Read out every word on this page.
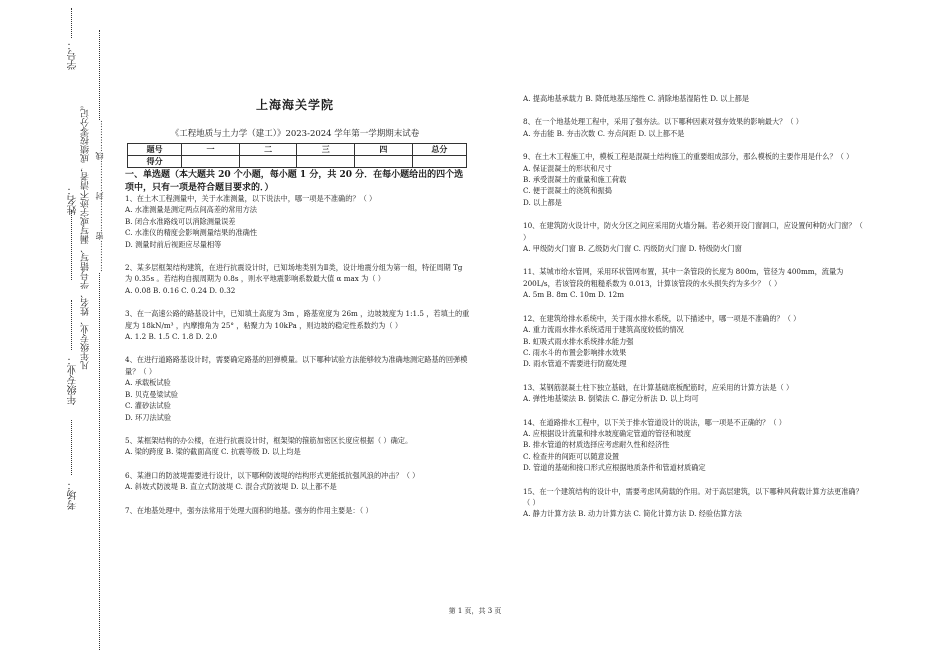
学号：
姓名：
年级专业：
考场：
凡年级专业、姓名、学号错写、漏写或字迹不清者，成绩按零分记。 …………密…………封…………线…………
上海海关学院
《工程地质与土力学（建工）》2023-2024 学年第一学期期末试卷
题号	一	二	三	四	总分
得分					
一、单选题（本大题共 20 个小题，每小题 1 分，共 20 分．在每小题给出的四个选项中，只有一项是符合题目要求的．）
1、在土木工程测量中，关于水准测量，以下说法中，哪一项是不准确的？（ ）
A. 水准测量是测定两点间高差的常用方法
B. 闭合水准路线可以消除测量误差
C. 水准仪的精度会影响测量结果的准确性
D. 测量时前后视距应尽量相等
2、某多层框架结构建筑，在进行抗震设计时，已知场地类别为Ⅱ类，设计地震分组为第一组，特征周期 Tg 为 0.35s 。若结构自振周期为 0.8s ，则水平地震影响系数最大值 α max 为（ ）
A. 0.08 B. 0.16 C. 0.24 D. 0.32
3、在一高速公路的路基设计中，已知填土高度为 3m ，路基宽度为 26m ，边坡坡度为 1:1.5 ，若填土的重度为 18kN/m³ ，内摩擦角为 25° ，粘聚力为 10kPa ，则边坡的稳定性系数约为（ ）
A. 1.2 B. 1.5 C. 1.8 D. 2.0
4、在进行道路路基设计时，需要确定路基的回弹模量。以下哪种试验方法能够较为准确地测定路基的回弹模量？（ ）
A. 承载板试验
B. 贝克曼梁试验
C. 灌砂法试验
D. 环刀法试验
5、某框架结构的办公楼，在进行抗震设计时，框架梁的箍筋加密区长度应根据（ ）确定。
A. 梁的跨度 B. 梁的截面高度 C. 抗震等级 D. 以上均是
6、某港口的防波堤需要进行设计，以下哪种防波堤的结构形式更能抵抗强风浪的冲击？（ ）
A. 斜坡式防波堤 B. 直立式防波堤 C. 混合式防波堤 D. 以上都不是
7、在地基处理中，强夯法常用于处理大面积的地基。强夯的作用主要是：（ ）
A. 提高地基承载力 B. 降低地基压缩性 C. 消除地基湿陷性 D. 以上都是
8、在一个地基处理工程中，采用了强夯法。以下哪种因素对强夯效果的影响最大？（ ）
A. 夯击能 B. 夯击次数 C. 夯点间距 D. 以上都不是
9、在土木工程施工中，模板工程是混凝土结构施工的重要组成部分，那么模板的主要作用是什么？（ ）
A. 保证混凝土的形状和尺寸
B. 承受混凝土的重量和施工荷载
C. 便于混凝土的浇筑和振捣
D. 以上都是
10、在建筑防火设计中，防火分区之间应采用防火墙分隔。若必须开设门窗洞口，应设置何种防火门窗？（ ）
A. 甲级防火门窗 B. 乙级防火门窗 C. 丙级防火门窗 D. 特级防火门窗
11、某城市给水管网，采用环状管网布置，其中一条管段的长度为 800m，管径为 400mm，流量为 200L/s，若该管段的粗糙系数为 0.013，计算该管段的水头损失约为多少？（ ）
A. 5m B. 8m C. 10m D. 12m
12、在建筑给排水系统中，关于雨水排水系统，以下描述中，哪一项是不准确的？（ ）
A. 重力流雨水排水系统适用于建筑高度较低的情况
B. 虹吸式雨水排水系统排水能力强
C. 雨水斗的布置会影响排水效果
D. 雨水管道不需要进行防腐处理
13、某钢筋混凝土柱下独立基础，在计算基础底板配筋时，应采用的计算方法是（ ）
A. 弹性地基梁法 B. 倒梁法 C. 静定分析法 D. 以上均可
14、在道路排水工程中，以下关于排水管道设计的说法，哪一项是不正确的？（ ）
A. 应根据设计流量和排水坡度确定管道的管径和坡度
B. 排水管道的材质选择应考虑耐久性和经济性
C. 检查井的间距可以随意设置
D. 管道的基础和接口形式应根据地质条件和管道材质确定
15、在一个建筑结构的设计中，需要考虑风荷载的作用。对于高层建筑，以下哪种风荷载计算方法更准确？（ ）
A. 静力计算方法 B. 动力计算方法 C. 简化计算方法 D. 经验估算方法
第 1 页，共 3 页
